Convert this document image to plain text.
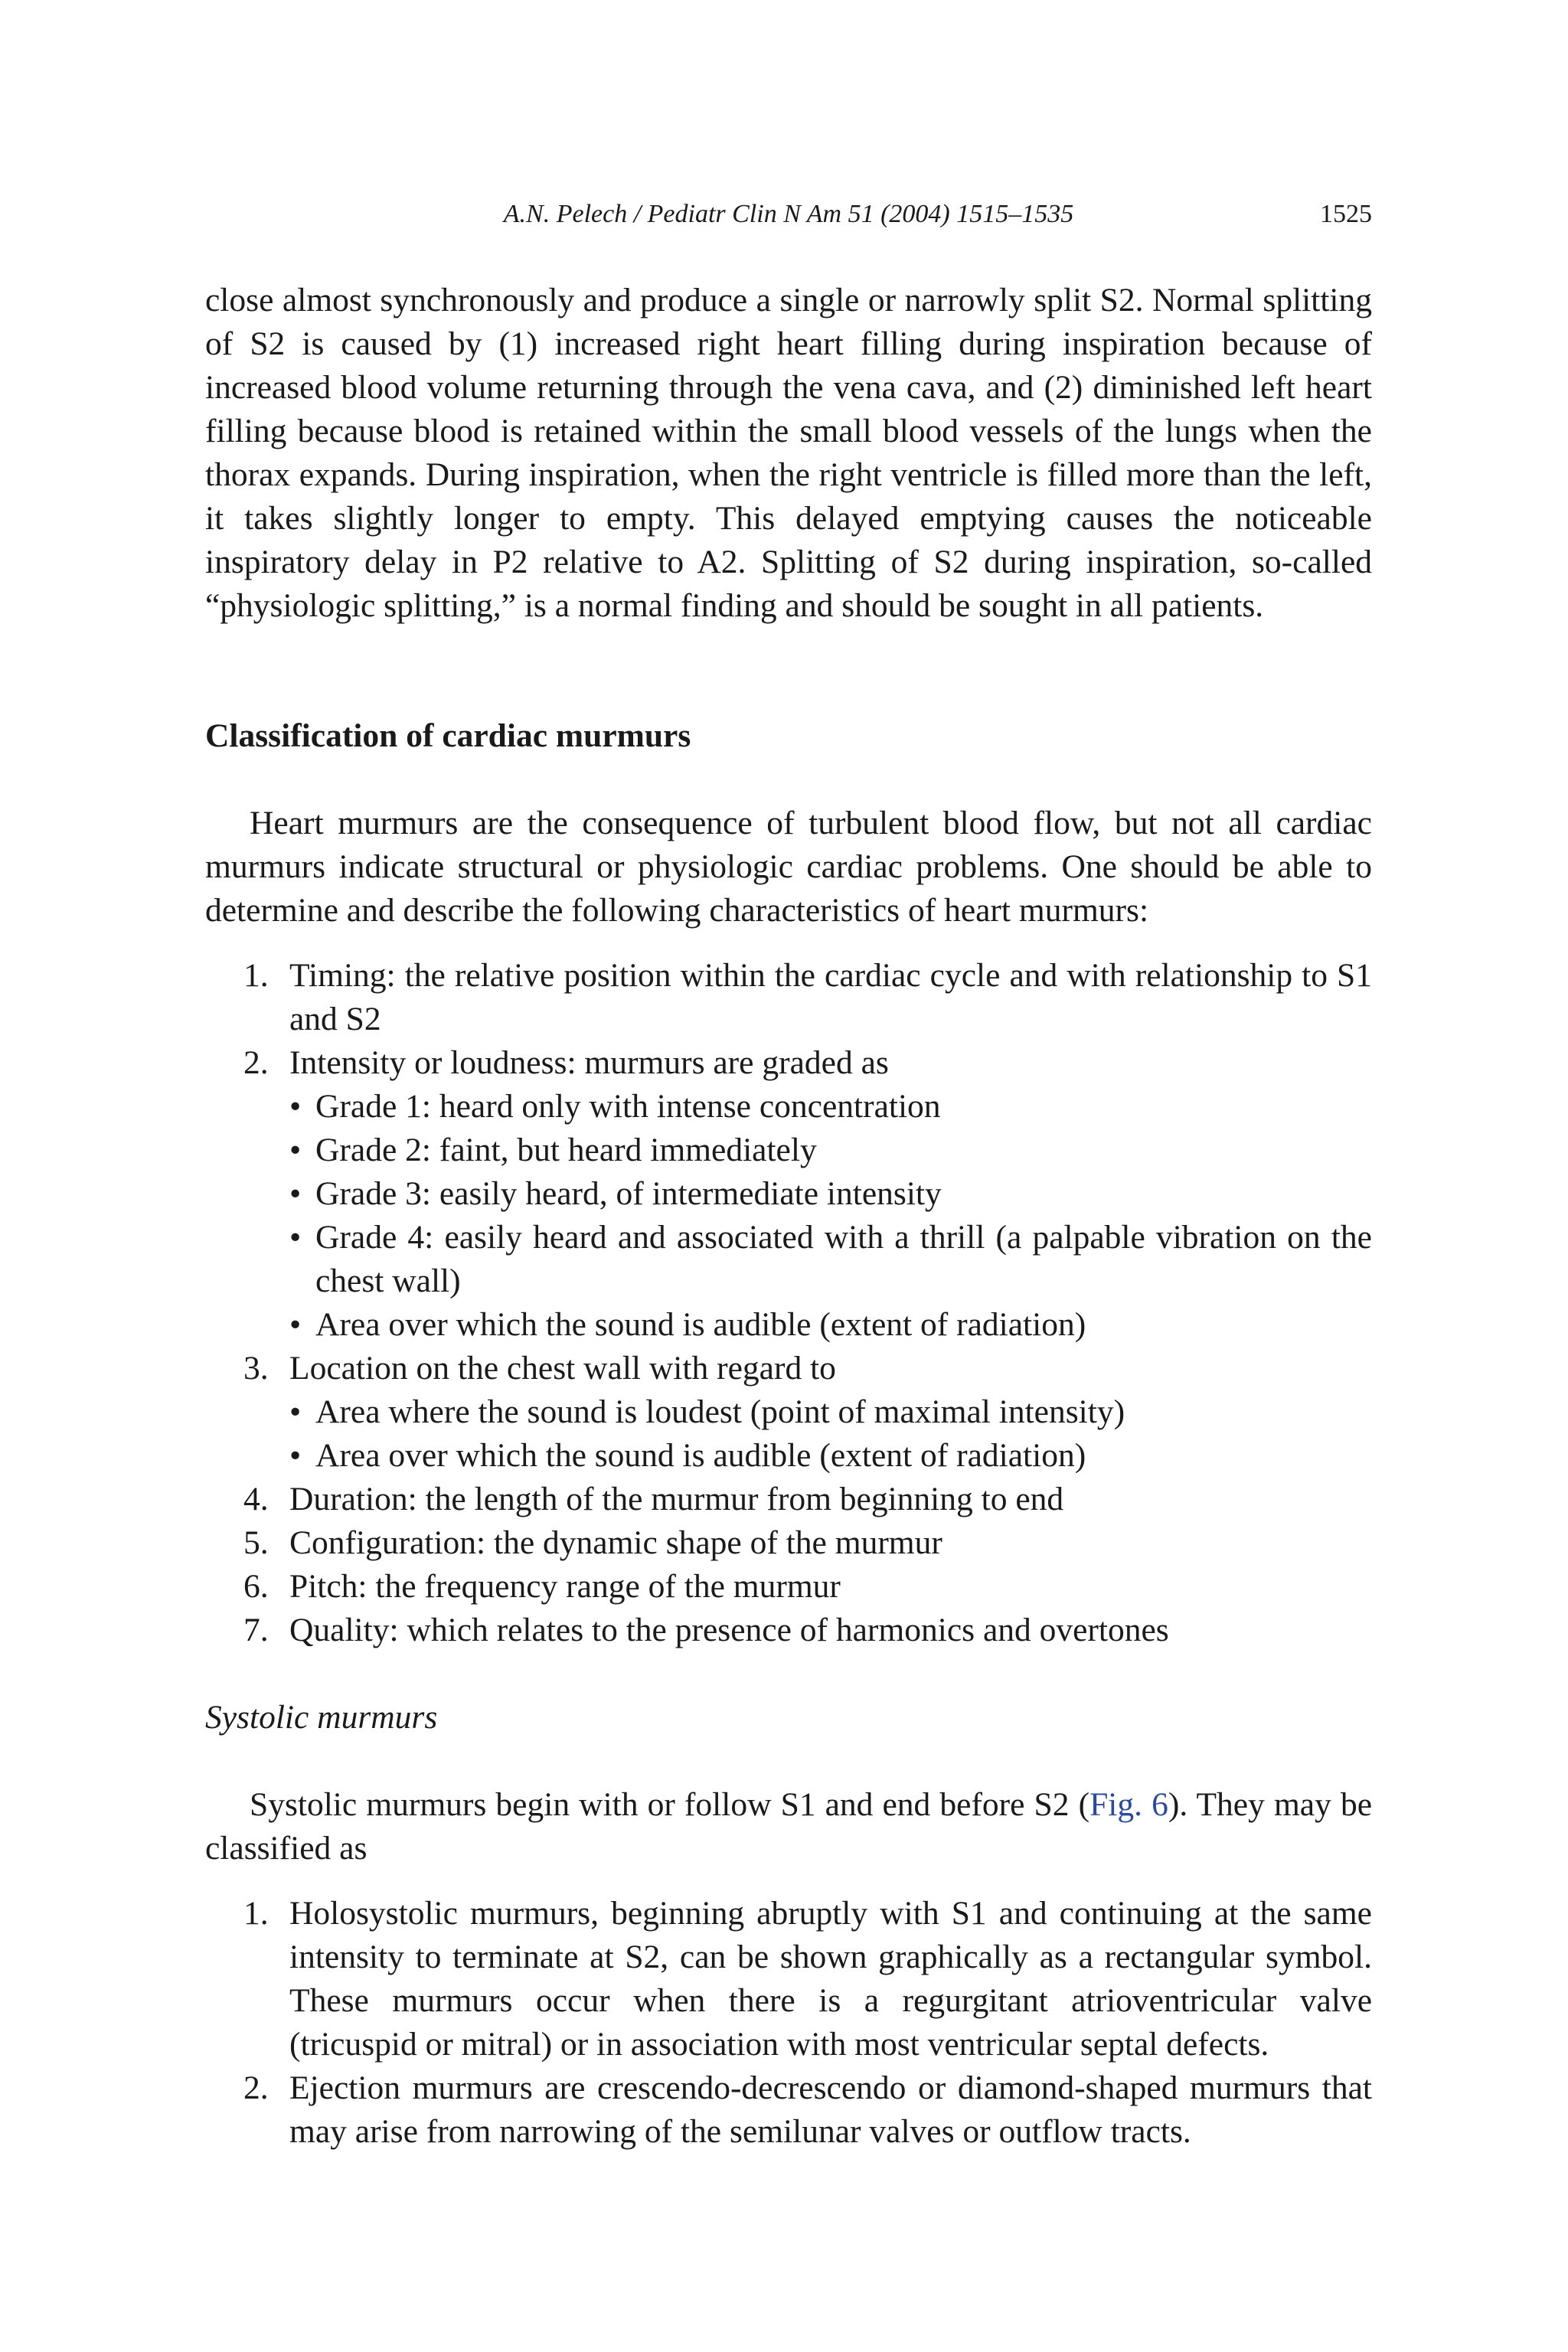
A.N. Pelech / Pediatr Clin N Am 51 (2004) 1515–1535	1525

close almost synchronously and produce a single or narrowly split S2. Normal splitting of S2 is caused by (1) increased right heart filling during inspiration because of increased blood volume returning through the vena cava, and (2) diminished left heart filling because blood is retained within the small blood vessels of the lungs when the thorax expands. During inspiration, when the right ventricle is filled more than the left, it takes slightly longer to empty. This delayed emptying causes the noticeable inspiratory delay in P2 relative to A2. Splitting of S2 during inspiration, so-called “physiologic splitting,” is a normal finding and should be sought in all patients.

Classification of cardiac murmurs

Heart murmurs are the consequence of turbulent blood flow, but not all cardiac murmurs indicate structural or physiologic cardiac problems. One should be able to determine and describe the following characteristics of heart murmurs:

1. Timing: the relative position within the cardiac cycle and with relationship to S1 and S2
2. Intensity or loudness: murmurs are graded as
• Grade 1: heard only with intense concentration
• Grade 2: faint, but heard immediately
• Grade 3: easily heard, of intermediate intensity
• Grade 4: easily heard and associated with a thrill (a palpable vibration on the chest wall)
• Area over which the sound is audible (extent of radiation)
3. Location on the chest wall with regard to
• Area where the sound is loudest (point of maximal intensity)
• Area over which the sound is audible (extent of radiation)
4. Duration: the length of the murmur from beginning to end
5. Configuration: the dynamic shape of the murmur
6. Pitch: the frequency range of the murmur
7. Quality: which relates to the presence of harmonics and overtones
Systolic murmurs

Systolic murmurs begin with or follow S1 and end before S2 (Fig. 6). They may be classified as

1. Holosystolic murmurs, beginning abruptly with S1 and continuing at the same intensity to terminate at S2, can be shown graphically as a rectangular symbol. These murmurs occur when there is a regurgitant atrioventricular valve (tricuspid or mitral) or in association with most ventricular septal defects.
2. Ejection murmurs are crescendo-decrescendo or diamond-shaped murmurs that may arise from narrowing of the semilunar valves or outflow tracts.
